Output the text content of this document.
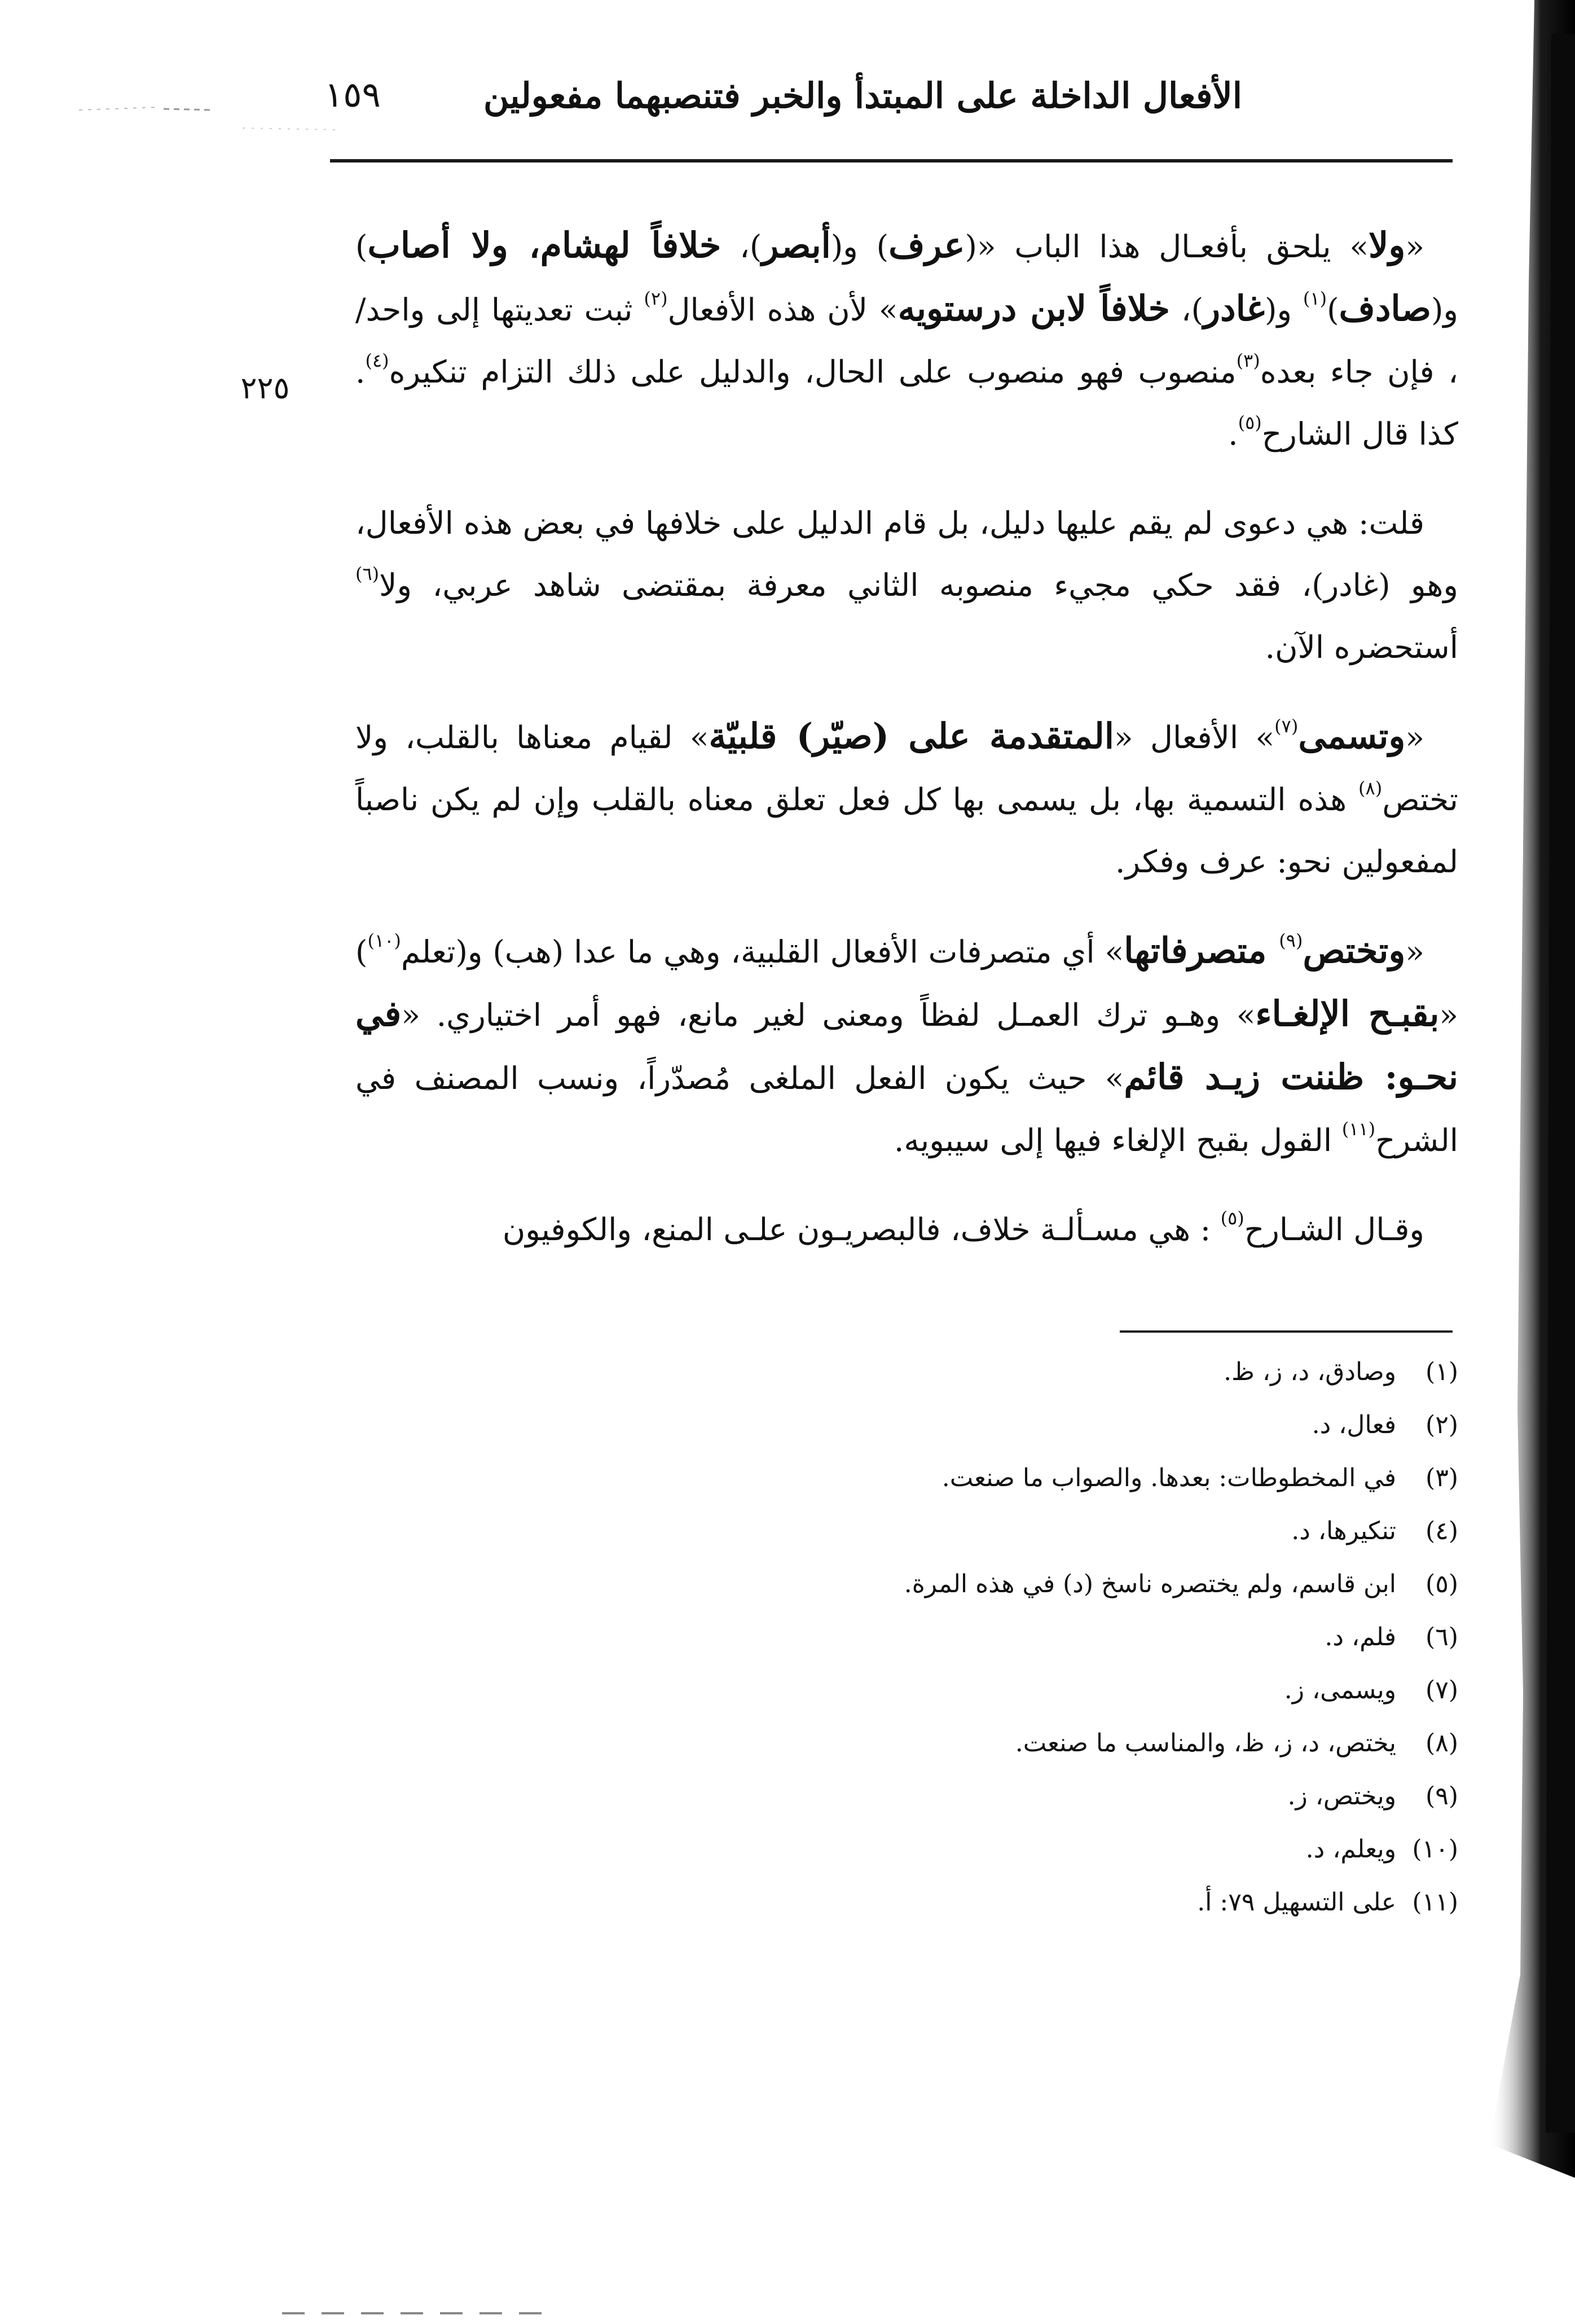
الأفعال الداخلة على المبتدأ والخبر فتنصبهما مفعولين
١٥٩
٢٢٥

«ولا» يلحق بأفعـال هذا الباب «(عرف) و(أبصر)، خلافاً لهشام، ولا أصاب) و(صادف)$^{(١)}$ و(غادر)، خلافاً لابن درستويه» لأن هذه الأفعال$^{(٢)}$ ثبت تعديتها إلى واحد/ ، فإن جاء بعده$^{(٣)}$منصوب فهو منصوب على الحال، والدليل على ذلك التزام تنكيره$^{(٤)}$. كذا قال الشارح$^{(٥)}$.

قلت: هي دعوى لم يقم عليها دليل، بل قام الدليل على خلافها في بعض هذه الأفعال، وهو (غادر)، فقد حكي مجيء منصوبه الثاني معرفة بمقتضى شاهد عربي، ولا$^{(٦)}$ أستحضره الآن.

«وتسمى$^{(٧)}$» الأفعال «المتقدمة على (صيّر) قلبيّة» لقيام معناها بالقلب، ولا تختص$^{(٨)}$ هذه التسمية بها، بل يسمى بها كل فعل تعلق معناه بالقلب وإن لم يكن ناصباً لمفعولين نحو: عرف وفكر.

«وتختص$^{(٩)}$ متصرفاتها» أي متصرفات الأفعال القلبية، وهي ما عدا (هب) و(تعلم$^{(١٠)}$) «بقبـح الإلغـاء» وهـو ترك العمـل لفظاً ومعنى لغير مانع، فهو أمر اختياري. «في نحـو: ظننت زيـد قائم» حيث يكون الفعل الملغى مُصدّراً، ونسب المصنف في الشرح$^{(١١)}$ القول بقبح الإلغاء فيها إلى سيبويه.

وقـال الشـارح$^{(٥)}$ : هي مسـألـة خلاف، فالبصريـون علـى المنع، والكوفيون

(١)وصادق، د، ز، ظ.
(٢)فعال، د.
(٣)في المخطوطات: بعدها. والصواب ما صنعت.
(٤)تنكيرها، د.
(٥)ابن قاسم، ولم يختصره ناسخ (د) في هذه المرة.
(٦)فلم، د.
(٧)ويسمى، ز.
(٨)يختص، د، ز، ظ، والمناسب ما صنعت.
(٩)ويختص، ز.
(١٠)ويعلم، د.
(١١)على التسهيل ٧٩: أ.
